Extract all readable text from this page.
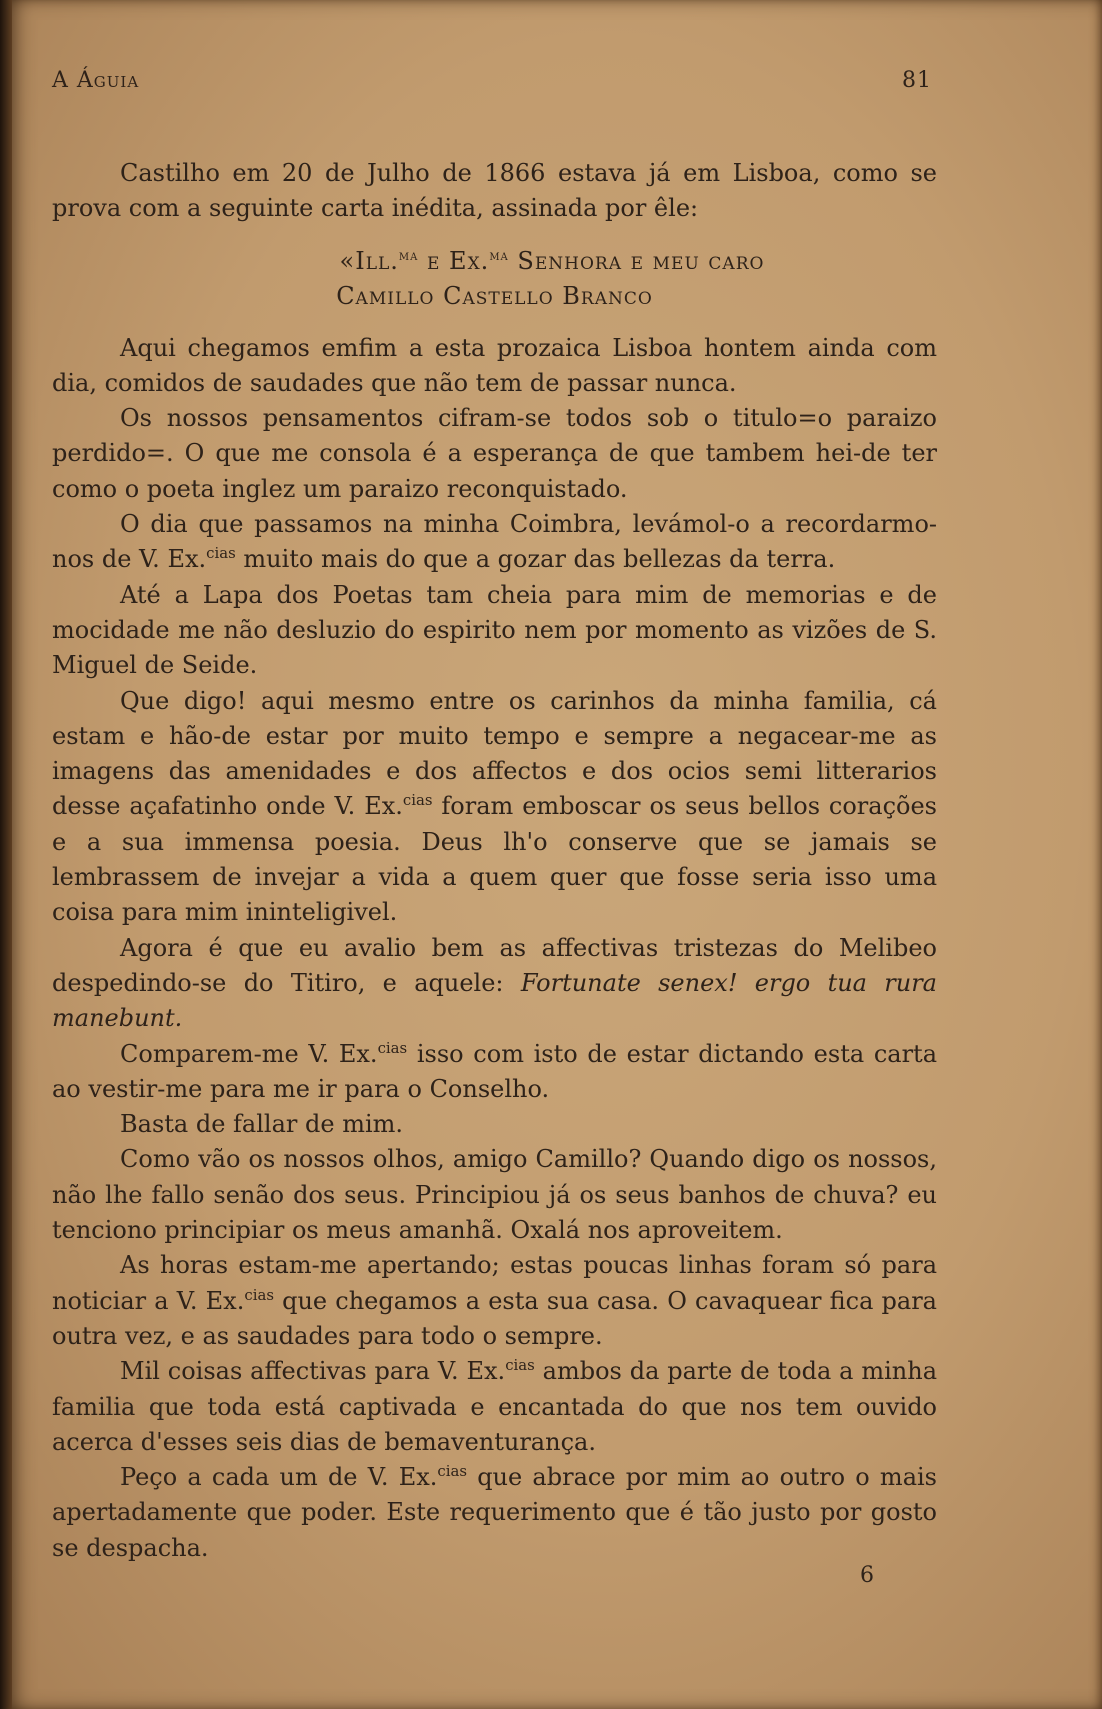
A Águia	81

Castilho em 20 de Julho de 1866 estava já em Lisboa, como se prova com a seguinte carta inédita, assinada por êle:

«Ill.$^{ma}$ e Ex.$^{ma}$ Senhora e meu caro
Camillo Castello Branco

Aqui chegamos emfim a esta prozaica Lisboa hontem ainda com dia, comidos de saudades que não tem de passar nunca.

Os nossos pensamentos cifram-se todos sob o titulo=o paraizo perdido=. O que me consola é a esperança de que tambem hei-de ter como o poeta inglez um paraizo reconquistado.

O dia que passamos na minha Coimbra, levámol-o a recordarmo-nos de V. Ex.$^{cias}$ muito mais do que a gozar das bellezas da terra.

Até a Lapa dos Poetas tam cheia para mim de memorias e de mocidade me não desluzio do espirito nem por momento as vizões de S. Miguel de Seide.

Que digo! aqui mesmo entre os carinhos da minha familia, cá estam e hão-de estar por muito tempo e sempre a negacear-me as imagens das amenidades e dos affectos e dos ocios semi litterarios desse açafatinho onde V. Ex.$^{cias}$ foram emboscar os seus bellos corações e a sua immensa poesia. Deus lh'o conserve que se jamais se lembrassem de invejar a vida a quem quer que fosse seria isso uma coisa para mim ininteligivel.

Agora é que eu avalio bem as affectivas tristezas do Melibeo despedindo-se do Titiro, e aquele: Fortunate senex! ergo tua rura manebunt.

Comparem-me V. Ex.$^{cias}$ isso com isto de estar dictando esta carta ao vestir-me para me ir para o Conselho.

Basta de fallar de mim.

Como vão os nossos olhos, amigo Camillo? Quando digo os nossos, não lhe fallo senão dos seus. Principiou já os seus banhos de chuva? eu tenciono principiar os meus amanhã. Oxalá nos aproveitem.

As horas estam-me apertando; estas poucas linhas foram só para noticiar a V. Ex.$^{cias}$ que chegamos a esta sua casa. O cavaquear fica para outra vez, e as saudades para todo o sempre.

Mil coisas affectivas para V. Ex.$^{cias}$ ambos da parte de toda a minha familia que toda está captivada e encantada do que nos tem ouvido acerca d'esses seis dias de bemaventurança.

Peço a cada um de V. Ex.$^{cias}$ que abrace por mim ao outro o mais apertadamente que poder. Este requerimento que é tão justo por gosto se despacha.

6
